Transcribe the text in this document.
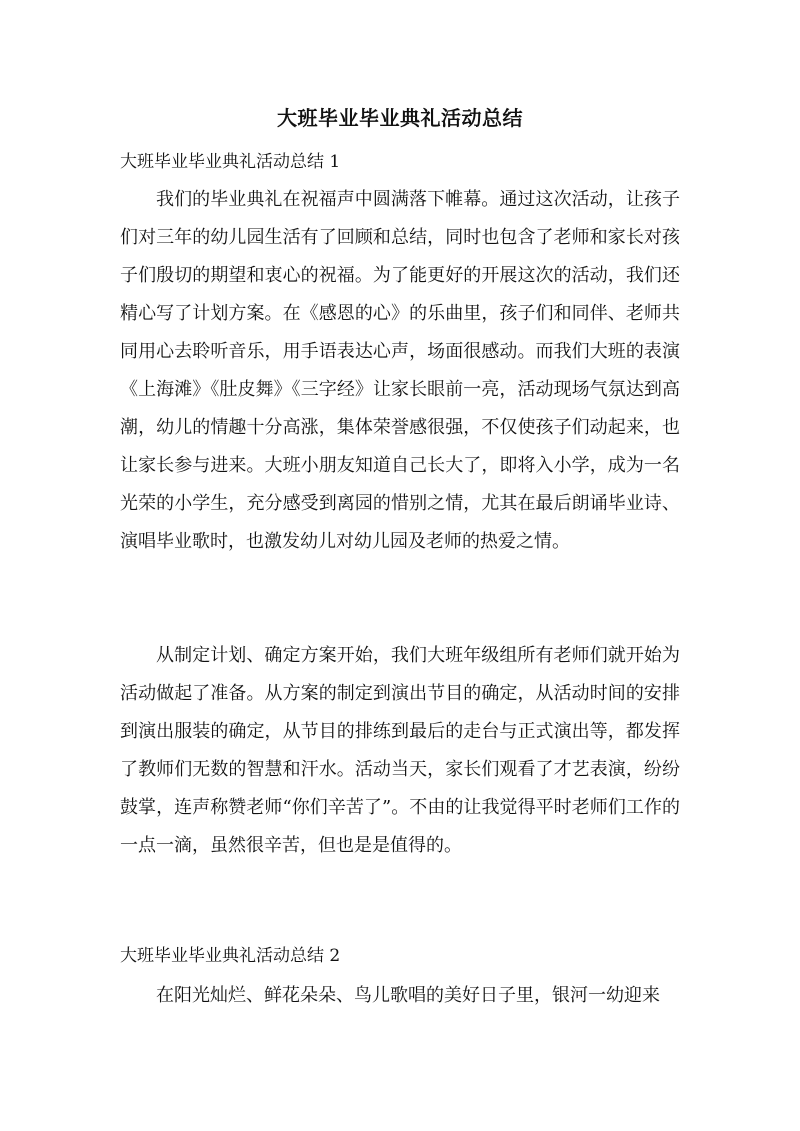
大班毕业毕业典礼活动总结
大班毕业毕业典礼活动总结 1

我们的毕业典礼在祝福声中圆满落下帷幕。通过这次活动，让孩子们对三年的幼儿园生活有了回顾和总结，同时也包含了老师和家长对孩子们殷切的期望和衷心的祝福。为了能更好的开展这次的活动，我们还精心写了计划方案。在《感恩的心》的乐曲里，孩子们和同伴、老师共同用心去聆听音乐，用手语表达心声，场面很感动。而我们大班的表演《上海滩》《肚皮舞》《三字经》让家长眼前一亮，活动现场气氛达到高潮，幼儿的情趣十分高涨，集体荣誉感很强，不仅使孩子们动起来，也让家长参与进来。大班小朋友知道自己长大了，即将入小学，成为一名光荣的小学生，充分感受到离园的惜别之情，尤其在最后朗诵毕业诗、演唱毕业歌时，也激发幼儿对幼儿园及老师的热爱之情。

从制定计划、确定方案开始，我们大班年级组所有老师们就开始为活动做起了准备。从方案的制定到演出节目的确定，从活动时间的安排到演出服装的确定，从节目的排练到最后的走台与正式演出等，都发挥了教师们无数的智慧和汗水。活动当天，家长们观看了才艺表演，纷纷鼓掌，连声称赞老师“你们辛苦了”。不由的让我觉得平时老师们工作的一点一滴，虽然很辛苦，但也是是值得的。

大班毕业毕业典礼活动总结 2

在阳光灿烂、鲜花朵朵、鸟儿歌唱的美好日子里，银河一幼迎来
